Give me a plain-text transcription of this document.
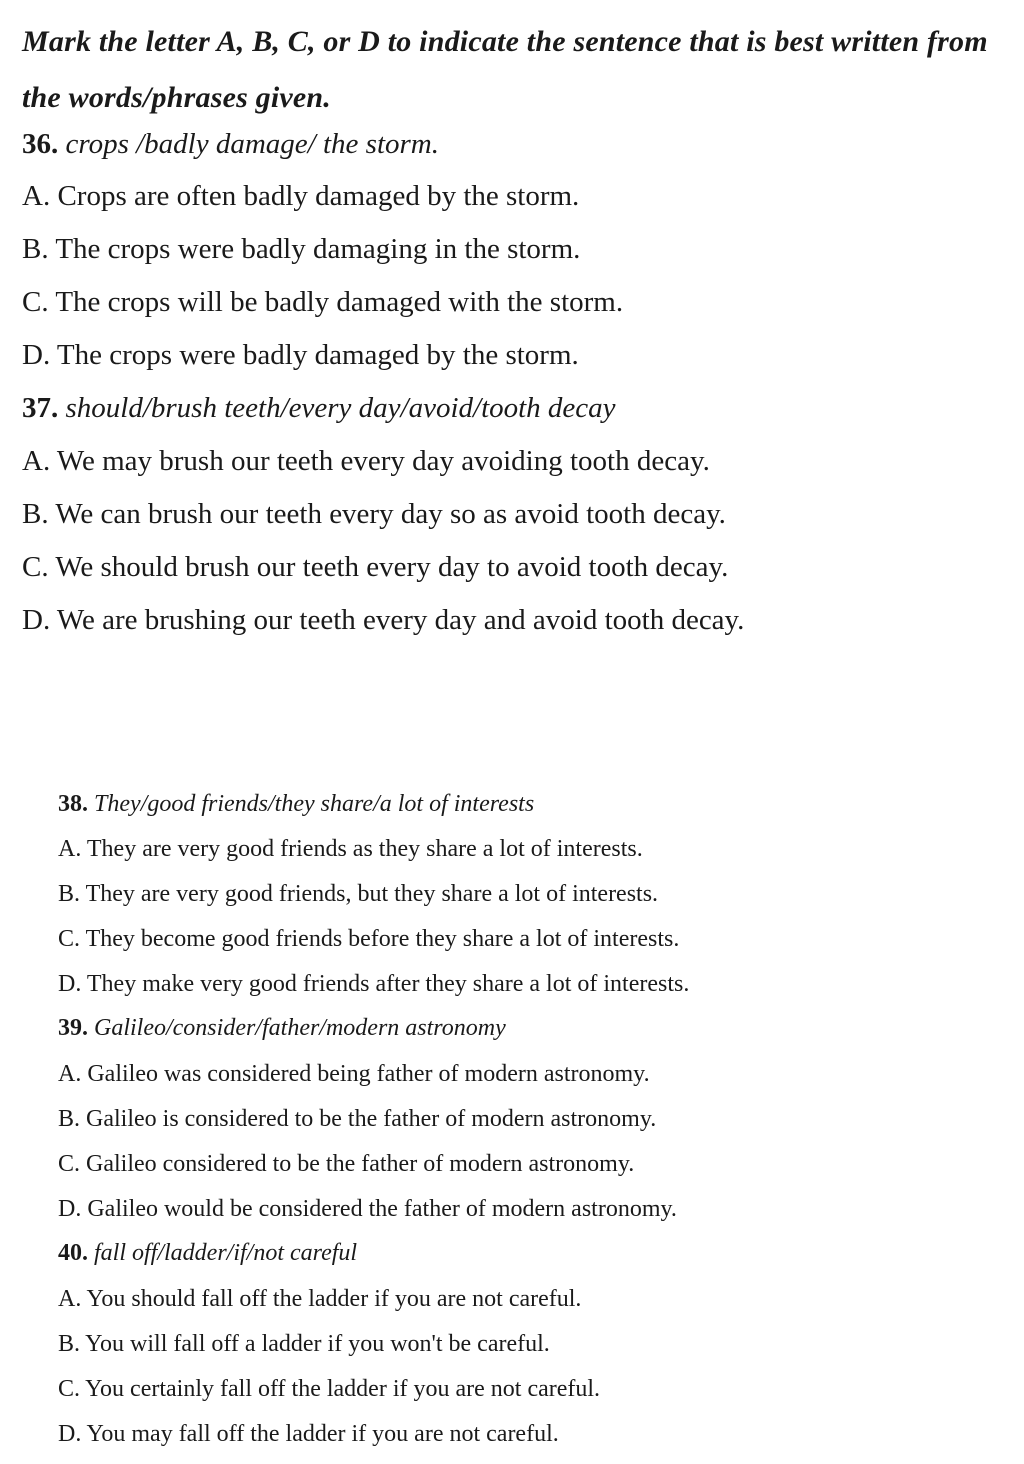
Mark the letter A, B, C, or D to indicate the sentence that is best written from the words/phrases given.
36. crops /badly damage/ the storm.
A. Crops are often badly damaged by the storm.
B. The crops were badly damaging in the storm.
C. The crops will be badly damaged with the storm.
D. The crops were badly damaged by the storm.
37. should/brush teeth/every day/avoid/tooth decay
A. We may brush our teeth every day avoiding tooth decay.
B. We can brush our teeth every day so as avoid tooth decay.
C. We should brush our teeth every day to avoid tooth decay.
D. We are brushing our teeth every day and avoid tooth decay.
38. They/good friends/they share/a lot of interests
A. They are very good friends as they share a lot of interests.
B. They are very good friends, but they share a lot of interests.
C. They become good friends before they share a lot of interests.
D. They make very good friends after they share a lot of interests.
39. Galileo/consider/father/modern astronomy
A. Galileo was considered being father of modern astronomy.
B. Galileo is considered to be the father of modern astronomy.
C. Galileo considered to be the father of modern astronomy.
D. Galileo would be considered the father of modern astronomy.
40. fall off/ladder/if/not careful
A. You should fall off the ladder if you are not careful.
B. You will fall off a ladder if you won't be careful.
C. You certainly fall off the ladder if you are not careful.
D. You may fall off the ladder if you are not careful.
